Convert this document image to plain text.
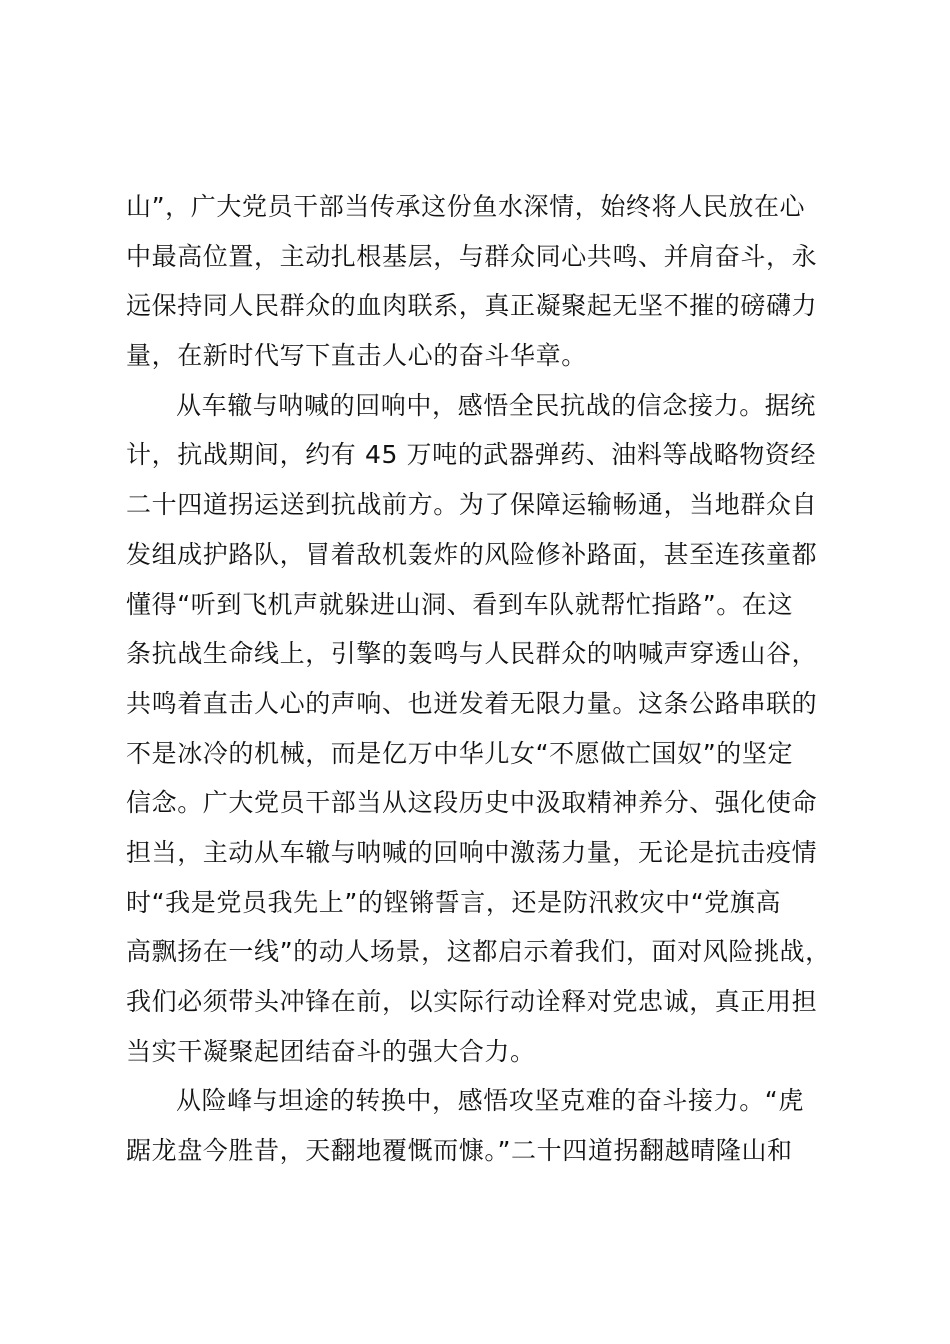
山”，广大党员干部当传承这份鱼水深情，始终将人民放在心
中最高位置，主动扎根基层，与群众同心共鸣、并肩奋斗，永
远保持同人民群众的血肉联系，真正凝聚起无坚不摧的磅礴力
量，在新时代写下直击人心的奋斗华章。
从车辙与呐喊的回响中，感悟全民抗战的信念接力。据统
计，抗战期间，约有 45 万吨的武器弹药、油料等战略物资经
二十四道拐运送到抗战前方。为了保障运输畅通，当地群众自
发组成护路队，冒着敌机轰炸的风险修补路面，甚至连孩童都
懂得“听到飞机声就躲进山洞、看到车队就帮忙指路”。在这
条抗战生命线上，引擎的轰鸣与人民群众的呐喊声穿透山谷，
共鸣着直击人心的声响、也迸发着无限力量。这条公路串联的
不是冰冷的机械，而是亿万中华儿女“不愿做亡国奴”的坚定
信念。广大党员干部当从这段历史中汲取精神养分、强化使命
担当，主动从车辙与呐喊的回响中激荡力量，无论是抗击疫情
时“我是党员我先上”的铿锵誓言，还是防汛救灾中“党旗高
高飘扬在一线”的动人场景，这都启示着我们，面对风险挑战，
我们必须带头冲锋在前，以实际行动诠释对党忠诚，真正用担
当实干凝聚起团结奋斗的强大合力。
从险峰与坦途的转换中，感悟攻坚克难的奋斗接力。“虎
踞龙盘今胜昔，天翻地覆慨而慷。”二十四道拐翻越晴隆山和
